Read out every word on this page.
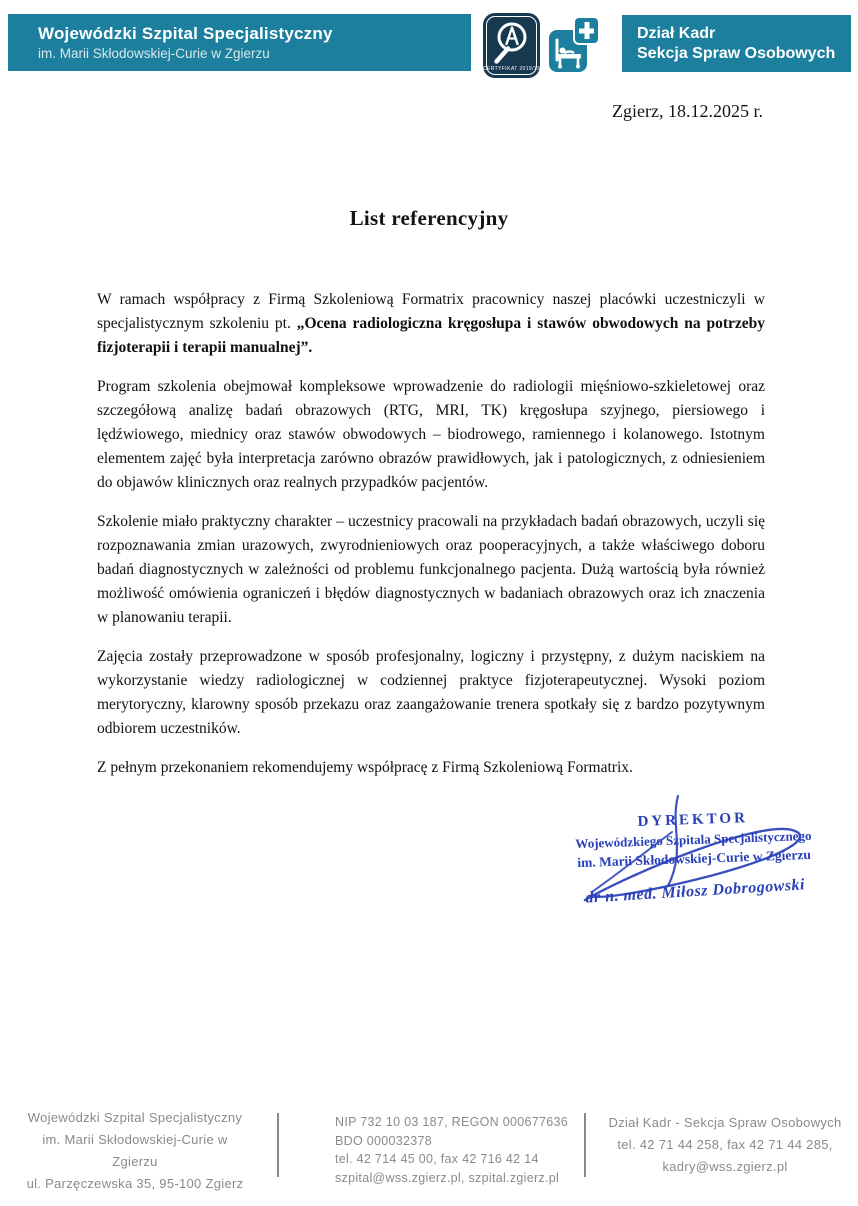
Wojewódzki Szpital Specjalistyczny
im. Marii Skłodowskiej-Curie w Zgierzu
CERTYFIKAT 2019/73
Dział Kadr
Sekcja Spraw Osobowych
Zgierz, 18.12.2025 r.
List referencyjny

W ramach współpracy z Firmą Szkoleniową Formatrix pracownicy naszej placówki uczestniczyli w specjalistycznym szkoleniu pt. „Ocena radiologiczna kręgosłupa i stawów obwodowych na potrzeby fizjoterapii i terapii manualnej”.

Program szkolenia obejmował kompleksowe wprowadzenie do radiologii mięśniowo-szkieletowej oraz szczegółową analizę badań obrazowych (RTG, MRI, TK) kręgosłupa szyjnego, piersiowego i lędźwiowego, miednicy oraz stawów obwodowych – biodrowego, ramiennego i kolanowego. Istotnym elementem zajęć była interpretacja zarówno obrazów prawidłowych, jak i patologicznych, z odniesieniem do objawów klinicznych oraz realnych przypadków pacjentów.

Szkolenie miało praktyczny charakter – uczestnicy pracowali na przykładach badań obrazowych, uczyli się rozpoznawania zmian urazowych, zwyrodnieniowych oraz pooperacyjnych, a także właściwego doboru badań diagnostycznych w zależności od problemu funkcjonalnego pacjenta. Dużą wartością była również możliwość omówienia ograniczeń i błędów diagnostycznych w badaniach obrazowych oraz ich znaczenia w planowaniu terapii.

Zajęcia zostały przeprowadzone w sposób profesjonalny, logiczny i przystępny, z dużym naciskiem na wykorzystanie wiedzy radiologicznej w codziennej praktyce fizjoterapeutycznej. Wysoki poziom merytoryczny, klarowny sposób przekazu oraz zaangażowanie trenera spotkały się z bardzo pozytywnym odbiorem uczestników.

Z pełnym przekonaniem rekomendujemy współpracę z Firmą Szkoleniową Formatrix.

DYREKTOR
Wojewódzkiego Szpitala Specjalistycznego
im. Marii Skłodowskiej-Curie w Zgierzu
dr n. med. Miłosz Dobrogowski
Wojewódzki Szpital Specjalistyczny
im. Marii Skłodowskiej-Curie w Zgierzu
ul. Parzęczewska 35, 95-100 Zgierz
NIP 732 10 03 187, REGON 000677636
BDO 000032378
tel. 42 714 45 00, fax 42 716 42 14
szpital@wss.zgierz.pl, szpital.zgierz.pl
Dział Kadr - Sekcja Spraw Osobowych
tel. 42 71 44 258, fax 42 71 44 285,
kadry@wss.zgierz.pl
